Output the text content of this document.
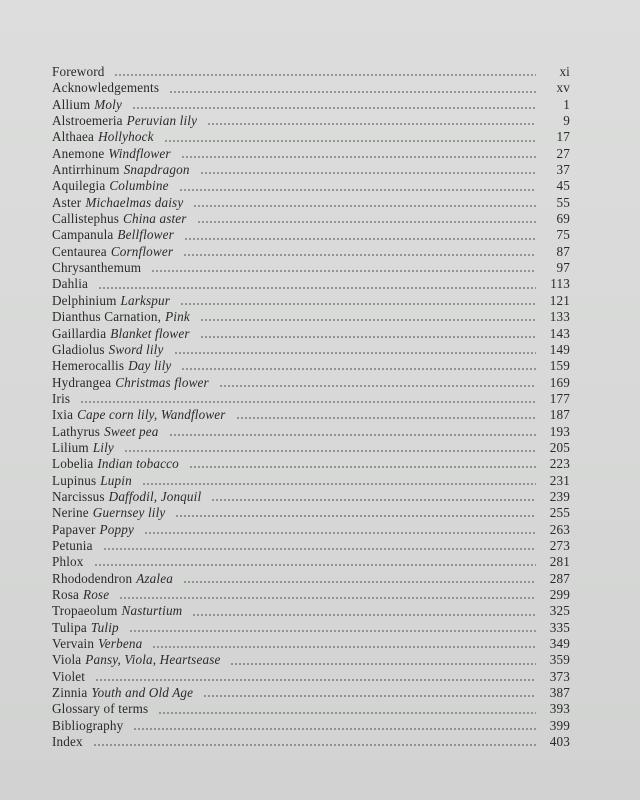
Foreword	xi
Acknowledgements	xv
Allium Moly	1
Alstroemeria Peruvian lily	9
Althaea Hollyhock	17
Anemone Windflower	27
Antirrhinum Snapdragon	37
Aquilegia Columbine	45
Aster Michaelmas daisy	55
Callistephus China aster	69
Campanula Bellflower	75
Centaurea Cornflower	87
Chrysanthemum	97
Dahlia	113
Delphinium Larkspur	121
Dianthus Carnation, Pink	133
Gaillardia Blanket flower	143
Gladiolus Sword lily	149
Hemerocallis Day lily	159
Hydrangea Christmas flower	169
Iris	177
Ixia Cape corn lily, Wandflower	187
Lathyrus Sweet pea	193
Lilium Lily	205
Lobelia Indian tobacco	223
Lupinus Lupin	231
Narcissus Daffodil, Jonquil	239
Nerine Guernsey lily	255
Papaver Poppy	263
Petunia	273
Phlox	281
Rhododendron Azalea	287
Rosa Rose	299
Tropaeolum Nasturtium	325
Tulipa Tulip	335
Vervain Verbena	349
Viola Pansy, Viola, Heartsease	359
Violet	373
Zinnia Youth and Old Age	387
Glossary of terms	393
Bibliography	399
Index	403
